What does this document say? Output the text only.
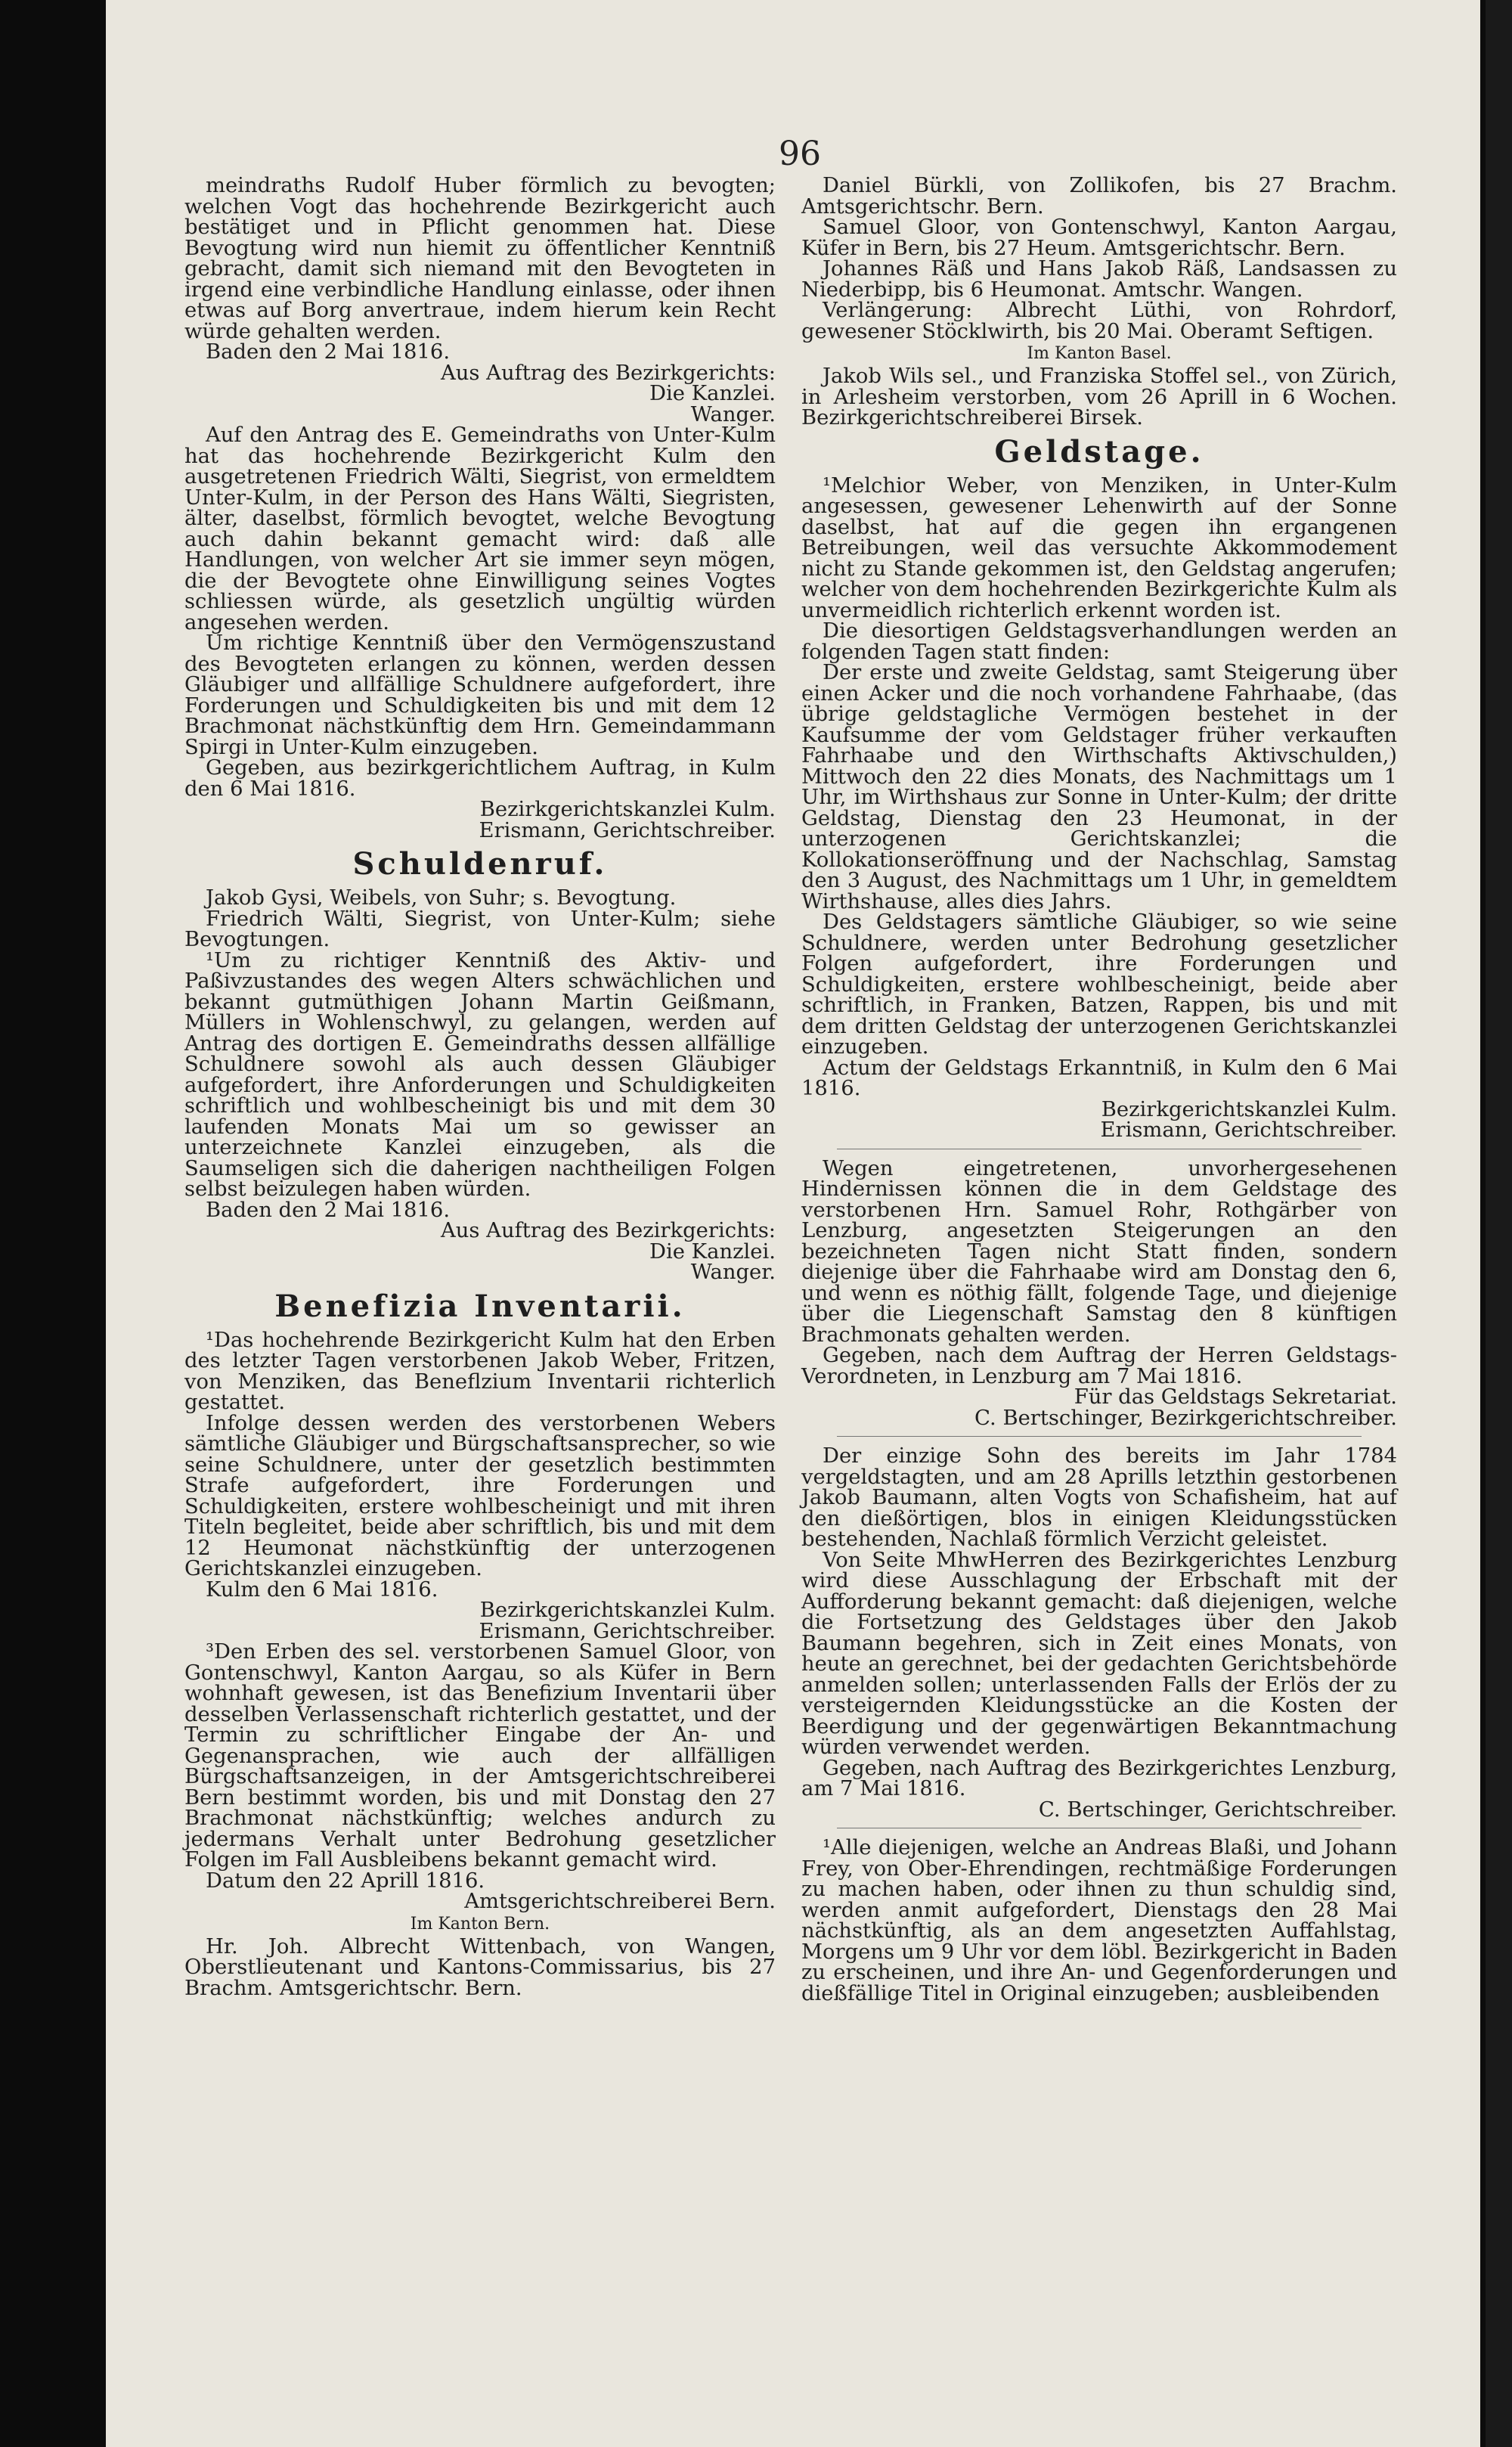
96

meindraths Rudolf Huber förmlich zu bevogten; welchen Vogt das hochehrende Bezirkgericht auch bestätiget und in Pflicht genommen hat. Diese Bevogtung wird nun hiemit zu öffentlicher Kenntniß gebracht, damit sich niemand mit den Bevogteten in irgend eine verbindliche Handlung einlasse, oder ihnen etwas auf Borg anvertraue, indem hierum kein Recht würde gehalten werden.

Baden den 2 Mai 1816.

Aus Auftrag des Bezirkgerichts:

Die Kanzlei.

Wanger.

Auf den Antrag des E. Gemeindraths von Unter-Kulm hat das hochehrende Bezirkgericht Kulm den ausgetretenen Friedrich Wälti, Siegrist, von ermeldtem Unter-Kulm, in der Person des Hans Wälti, Siegristen, älter, daselbst, förmlich bevogtet, welche Bevogtung auch dahin bekannt gemacht wird: daß alle Handlungen, von welcher Art sie immer seyn mögen, die der Bevogtete ohne Einwilligung seines Vogtes schliessen würde, als gesetzlich ungültig würden angesehen werden.

Um richtige Kenntniß über den Vermögenszustand des Bevogteten erlangen zu können, werden dessen Gläubiger und allfällige Schuldnere aufgefordert, ihre Forderungen und Schuldigkeiten bis und mit dem 12 Brachmonat nächstkünftig dem Hrn. Gemeindammann Spirgi in Unter-Kulm einzugeben.

Gegeben, aus bezirkgerichtlichem Auftrag, in Kulm den 6 Mai 1816.

Bezirkgerichtskanzlei Kulm.

Erismann, Gerichtschreiber.

Schuldenruf.

Jakob Gysi, Weibels, von Suhr; s. Bevogtung.

Friedrich Wälti, Siegrist, von Unter-Kulm; siehe Bevogtungen.

¹Um zu richtiger Kenntniß des Aktiv- und Paßivzustandes des wegen Alters schwächlichen und bekannt gutmüthigen Johann Martin Geißmann, Müllers in Wohlenschwyl, zu gelangen, werden auf Antrag des dortigen E. Gemeindraths dessen allfällige Schuldnere sowohl als auch dessen Gläubiger aufgefordert, ihre Anforderungen und Schuldigkeiten schriftlich und wohlbescheinigt bis und mit dem 30 laufenden Monats Mai um so gewisser an unterzeichnete Kanzlei einzugeben, als die Saumseligen sich die daherigen nachtheiligen Folgen selbst beizulegen haben würden.

Baden den 2 Mai 1816.

Aus Auftrag des Bezirkgerichts:

Die Kanzlei.

Wanger.

Benefizia Inventarii.

¹Das hochehrende Bezirkgericht Kulm hat den Erben des letzter Tagen verstorbenen Jakob Weber, Fritzen, von Menziken, das Beneflzium Inventarii richterlich gestattet.

Infolge dessen werden des verstorbenen Webers sämtliche Gläubiger und Bürgschaftsansprecher, so wie seine Schuldnere, unter der gesetzlich bestimmten Strafe aufgefordert, ihre Forderungen und Schuldigkeiten, erstere wohlbescheinigt und mit ihren Titeln begleitet, beide aber schriftlich, bis und mit dem 12 Heumonat nächstkünftig der unterzogenen Gerichtskanzlei einzugeben.

Kulm den 6 Mai 1816.

Bezirkgerichtskanzlei Kulm.

Erismann, Gerichtschreiber.

³Den Erben des sel. verstorbenen Samuel Gloor, von Gontenschwyl, Kanton Aargau, so als Küfer in Bern wohnhaft gewesen, ist das Benefizium Inventarii über desselben Verlassenschaft richterlich gestattet, und der Termin zu schriftlicher Eingabe der An- und Gegenansprachen, wie auch der allfälligen Bürgschaftsanzeigen, in der Amtsgerichtschreiberei Bern bestimmt worden, bis und mit Donstag den 27 Brachmonat nächstkünftig; welches andurch zu jedermans Verhalt unter Bedrohung gesetzlicher Folgen im Fall Ausbleibens bekannt gemacht wird.

Datum den 22 Aprill 1816.

Amtsgerichtschreiberei Bern.

Im Kanton Bern.

Hr. Joh. Albrecht Wittenbach, von Wangen, Oberstlieutenant und Kantons-Commissarius, bis 27 Brachm. Amtsgerichtschr. Bern.

Daniel Bürkli, von Zollikofen, bis 27 Brachm. Amtsgerichtschr. Bern.

Samuel Gloor, von Gontenschwyl, Kanton Aargau, Küfer in Bern, bis 27 Heum. Amtsgerichtschr. Bern.

Johannes Räß und Hans Jakob Räß, Landsassen zu Niederbipp, bis 6 Heumonat. Amtschr. Wangen.

Verlängerung: Albrecht Lüthi, von Rohrdorf, gewesener Stöcklwirth, bis 20 Mai. Oberamt Seftigen.

Im Kanton Basel.

Jakob Wils sel., und Franziska Stoffel sel., von Zürich, in Arlesheim verstorben, vom 26 Aprill in 6 Wochen. Bezirkgerichtschreiberei Birsek.

Geldstage.

¹Melchior Weber, von Menziken, in Unter-Kulm angesessen, gewesener Lehenwirth auf der Sonne daselbst, hat auf die gegen ihn ergangenen Betreibungen, weil das versuchte Akkommodement nicht zu Stande gekommen ist, den Geldstag angerufen; welcher von dem hochehrenden Bezirkgerichte Kulm als unvermeidlich richterlich erkennt worden ist.

Die diesortigen Geldstagsverhandlungen werden an folgenden Tagen statt finden:

Der erste und zweite Geldstag, samt Steigerung über einen Acker und die noch vorhandene Fahrhaabe, (das übrige geldstagliche Vermögen bestehet in der Kaufsumme der vom Geldstager früher verkauften Fahrhaabe und den Wirthschafts Aktivschulden,) Mittwoch den 22 dies Monats, des Nachmittags um 1 Uhr, im Wirthshaus zur Sonne in Unter-Kulm; der dritte Geldstag, Dienstag den 23 Heumonat, in der unterzogenen Gerichtskanzlei; die Kollokationseröffnung und der Nachschlag, Samstag den 3 August, des Nachmittags um 1 Uhr, in gemeldtem Wirthshause, alles dies Jahrs.

Des Geldstagers sämtliche Gläubiger, so wie seine Schuldnere, werden unter Bedrohung gesetzlicher Folgen aufgefordert, ihre Forderungen und Schuldigkeiten, erstere wohlbescheinigt, beide aber schriftlich, in Franken, Batzen, Rappen, bis und mit dem dritten Geldstag der unterzogenen Gerichtskanzlei einzugeben.

Actum der Geldstags Erkanntniß, in Kulm den 6 Mai 1816.

Bezirkgerichtskanzlei Kulm.

Erismann, Gerichtschreiber.

Wegen eingetretenen, unvorhergesehenen Hindernissen können die in dem Geldstage des verstorbenen Hrn. Samuel Rohr, Rothgärber von Lenzburg, angesetzten Steigerungen an den bezeichneten Tagen nicht Statt finden, sondern diejenige über die Fahrhaabe wird am Donstag den 6, und wenn es nöthig fällt, folgende Tage, und diejenige über die Liegenschaft Samstag den 8 künftigen Brachmonats gehalten werden.

Gegeben, nach dem Auftrag der Herren Geldstags-Verordneten, in Lenzburg am 7 Mai 1816.

Für das Geldstags Sekretariat.

C. Bertschinger, Bezirkgerichtschreiber.

Der einzige Sohn des bereits im Jahr 1784 vergeldstagten, und am 28 Aprills letzthin gestorbenen Jakob Baumann, alten Vogts von Schafisheim, hat auf den dießörtigen, blos in einigen Kleidungsstücken bestehenden, Nachlaß förmlich Verzicht geleistet.

Von Seite MhwHerren des Bezirkgerichtes Lenzburg wird diese Ausschlagung der Erbschaft mit der Aufforderung bekannt gemacht: daß diejenigen, welche die Fortsetzung des Geldstages über den Jakob Baumann begehren, sich in Zeit eines Monats, von heute an gerechnet, bei der gedachten Gerichtsbehörde anmelden sollen; unterlassenden Falls der Erlös der zu versteigernden Kleidungsstücke an die Kosten der Beerdigung und der gegenwärtigen Bekanntmachung würden verwendet werden.

Gegeben, nach Auftrag des Bezirkgerichtes Lenzburg, am 7 Mai 1816.

C. Bertschinger, Gerichtschreiber.

¹Alle diejenigen, welche an Andreas Blaßi, und Johann Frey, von Ober-Ehrendingen, rechtmäßige Forderungen zu machen haben, oder ihnen zu thun schuldig sind, werden anmit aufgefordert, Dienstags den 28 Mai nächstkünftig, als an dem angesetzten Auffahlstag, Morgens um 9 Uhr vor dem löbl. Bezirkgericht in Baden zu erscheinen, und ihre An- und Gegenforderungen und dießfällige Titel in Original einzugeben; ausbleibenden
